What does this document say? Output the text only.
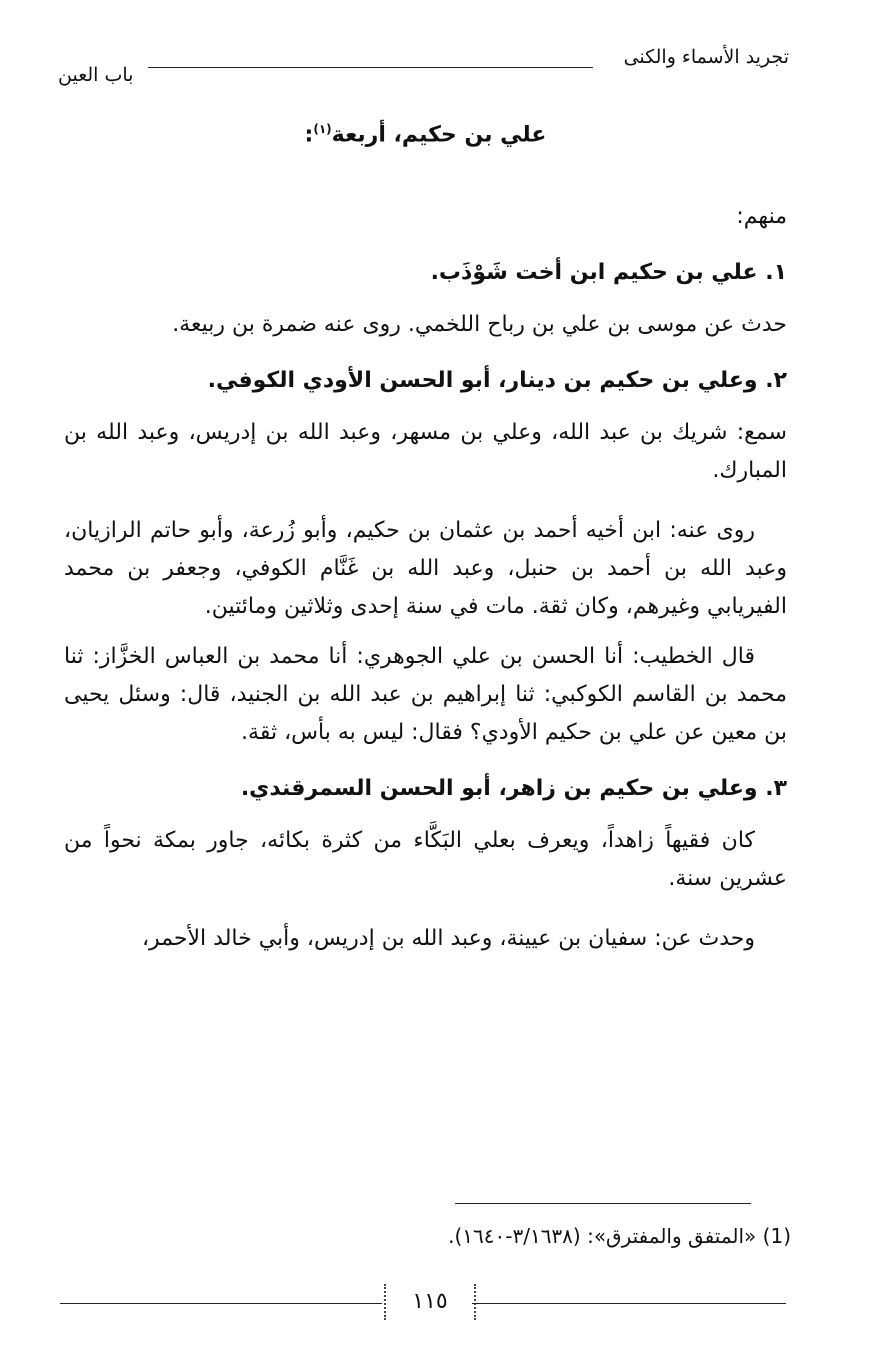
تجريد الأسماء والكنى
باب العين
علي بن حكيم، أربعة$^{(١)}$:

منهم:

١. علي بن حكيم ابن أخت شَوْذَب.

حدث عن موسى بن علي بن رباح اللخمي. روى عنه ضمرة بن ربيعة.

٢. وعلي بن حكيم بن دينار، أبو الحسن الأودي الكوفي.

سمع: شريك بن عبد الله، وعلي بن مسهر، وعبد الله بن إدريس، وعبد الله بن المبارك.

روى عنه: ابن أخيه أحمد بن عثمان بن حكيم، وأبو زُرعة، وأبو حاتم الرازيان، وعبد الله بن أحمد بن حنبل، وعبد الله بن غَنَّام الكوفي، وجعفر بن محمد الفيريابي وغيرهم، وكان ثقة. مات في سنة إحدى وثلاثين ومائتين.

قال الخطيب: أنا الحسن بن علي الجوهري: أنا محمد بن العباس الخزَّاز: ثنا محمد بن القاسم الكوكبي: ثنا إبراهيم بن عبد الله بن الجنيد، قال: وسئل يحيى بن معين عن علي بن حكيم الأودي؟ فقال: ليس به بأس، ثقة.

٣. وعلي بن حكيم بن زاهر، أبو الحسن السمرقندي.

كان فقيهاً زاهداً، ويعرف بعلي البَكَّاء من كثرة بكائه، جاور بمكة نحواً من عشرين سنة.

وحدث عن: سفيان بن عيينة، وعبد الله بن إدريس، وأبي خالد الأحمر،

(1) «المتفق والمفترق»: (٣/١٦٣٨-١٦٤٠).
١١٥
